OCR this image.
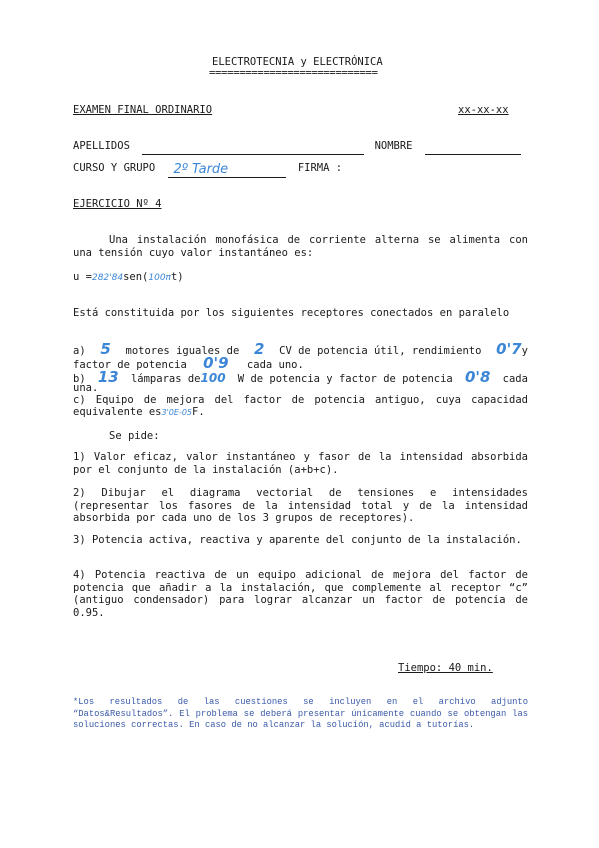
ELECTROTECNIA y ELECTRÓNICA
============================
EXAMEN FINAL ORDINARIO	xx-xx-xx
APELLIDOS	NOMBRE
CURSO Y GRUPO 2º Tarde	FIRMA :
EJERCICIO Nº 4
Una instalación monofásica de corriente alterna se alimenta con una tensión cuyo valor instantáneo es:
u =282'84sen(100πt)
Está constituida por los siguientes receptores conectados en paralelo
a) 5 motores iguales de 2 CV de potencia útil, rendimiento 0'7y
factor de potencia 0'9 cada uno.
b) 13 lámparas de100 W de potencia y factor de potencia 0'8 cada
una.
c) Equipo de mejora del factor de potencia antiguo, cuya capacidad
equivalente es3'0E-05F.
Se pide:
1) Valor eficaz, valor instantáneo y fasor de la intensidad absorbida por el conjunto de la instalación (a+b+c).
2) Dibujar el diagrama vectorial de tensiones e intensidades (representar los fasores de la intensidad total y de la intensidad absorbida por cada uno de los 3 grupos de receptores).
3) Potencia activa, reactiva y aparente del conjunto de la instalación.
4) Potencia reactiva de un equipo adicional de mejora del factor de potencia que añadir a la instalación, que complemente al receptor “c” (antiguo condensador) para lograr alcanzar un factor de potencia de 0.95.
Tiempo: 40 min.
*Los resultados de las cuestiones se incluyen en el archivo adjunto “Datos&Resultados”. El problema se deberá presentar únicamente cuando se obtengan las soluciones correctas. En caso de no alcanzar la solución, acudid a tutorías.
